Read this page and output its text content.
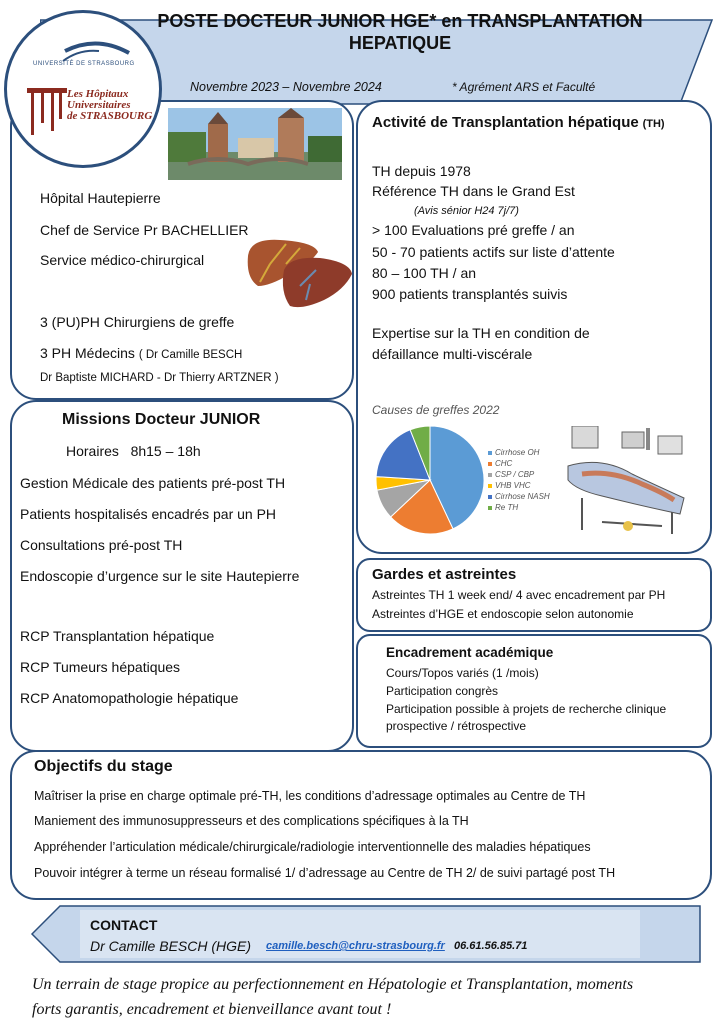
POSTE DOCTEUR JUNIOR HGE* en TRANSPLANTATION
HEPATIQUE
Novembre 2023 – Novembre 2024	* Agrément ARS et Faculté
UNIVERSITÉ DE STRASBOURG
Les Hôpitaux
Universitaires
de STRASBOURG
Hôpital Hautepierre
Chef de Service Pr BACHELLIER
Service médico-chirurgical
3 (PU)PH Chirurgiens de greffe
3 PH Médecins ( Dr Camille BESCH
Dr Baptiste MICHARD - Dr Thierry ARTZNER )
Activité de Transplantation hépatique (TH)
TH depuis 1978
Référence TH dans le Grand Est
(Avis sénior H24 7j/7)
> 100 Evaluations pré greffe / an
50 - 70 patients actifs sur liste d’attente
80 – 100 TH / an
900 patients transplantés suivis
Expertise sur la TH en condition de
défaillance multi-viscérale
Causes de greffes 2022
Cirrhose OH
CHC
CSP / CBP
VHB VHC
Cirrhose NASH
Re TH
Missions Docteur JUNIOR
Horaires 8h15 – 18h
Gestion Médicale des patients pré-post TH
Patients hospitalisés encadrés par un PH
Consultations pré-post TH
Endoscopie d’urgence sur le site Hautepierre
RCP Transplantation hépatique
RCP Tumeurs hépatiques
RCP Anatomopathologie hépatique
Gardes et astreintes
Astreintes TH 1 week end/ 4 avec encadrement par PH
Astreintes d’HGE et endoscopie selon autonomie
Encadrement académique
Cours/Topos variés (1 /mois)
Participation congrès
Participation possible à projets de recherche clinique
prospective / rétrospective
Objectifs du stage
Maîtriser la prise en charge optimale pré-TH, les conditions d’adressage optimales au Centre de TH
Maniement des immunosuppresseurs et des complications spécifiques à la TH
Appréhender l’articulation médicale/chirurgicale/radiologie interventionnelle des maladies hépatiques
Pouvoir intégrer à terme un réseau formalisé 1/ d’adressage au Centre de TH 2/ de suivi partagé post TH
CONTACT
Dr Camille BESCH (HGE) camille.besch@chru-strasbourg.fr 06.61.56.85.71
Un terrain de stage propice au perfectionnement en Hépatologie et Transplantation, moments
forts garantis, encadrement et bienveillance avant tout !
